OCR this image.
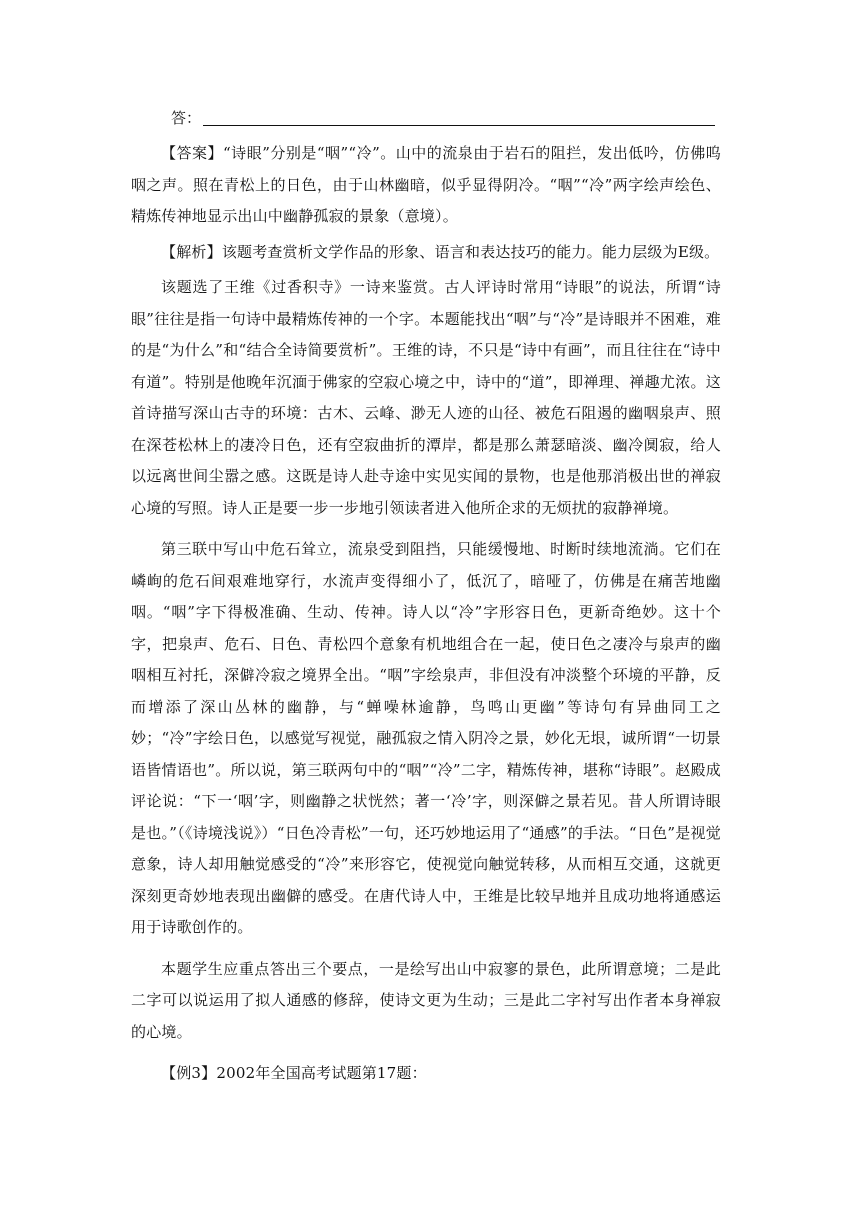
答：

【答案】“诗眼”分别是“咽”“冷”。山中的流泉由于岩石的阻拦，发出低吟，仿佛呜咽之声。照在青松上的日色，由于山林幽暗，似乎显得阴冷。“咽”“冷”两字绘声绘色、精炼传神地显示出山中幽静孤寂的景象（意境）。

【解析】该题考查赏析文学作品的形象、语言和表达技巧的能力。能力层级为E级。

该题选了王维《过香积寺》一诗来鉴赏。古人评诗时常用“诗眼”的说法，所谓“诗眼”往往是指一句诗中最精炼传神的一个字。本题能找出“咽”与“冷”是诗眼并不困难，难的是“为什么”和“结合全诗简要赏析”。王维的诗，不只是“诗中有画”，而且往往在“诗中有道”。特别是他晚年沉湎于佛家的空寂心境之中，诗中的“道”，即禅理、禅趣尤浓。这首诗描写深山古寺的环境：古木、云峰、渺无人迹的山径、被危石阻遏的幽咽泉声、照在深苍松林上的凄冷日色，还有空寂曲折的潭岸，都是那么萧瑟暗淡、幽冷阒寂，给人以远离世间尘嚣之感。这既是诗人赴寺途中实见实闻的景物，也是他那消极出世的禅寂心境的写照。诗人正是要一步一步地引领读者进入他所企求的无烦扰的寂静禅境。

第三联中写山中危石耸立，流泉受到阻挡，只能缓慢地、时断时续地流淌。它们在嶙峋的危石间艰难地穿行，水流声变得细小了，低沉了，暗哑了，仿佛是在痛苦地幽咽。“咽”字下得极准确、生动、传神。诗人以“冷”字形容日色，更新奇绝妙。这十个字，把泉声、危石、日色、青松四个意象有机地组合在一起，使日色之凄冷与泉声的幽咽相互衬托，深僻冷寂之境界全出。“咽”字绘泉声，非但没有冲淡整个环境的平静，反而增添了深山丛林的幽静，与“蝉噪林逾静，鸟鸣山更幽”等诗句有异曲同工之妙；“冷”字绘日色，以感觉写视觉，融孤寂之情入阴冷之景，妙化无垠，诚所谓“一切景语皆情语也”。所以说，第三联两句中的“咽”“冷”二字，精炼传神，堪称“诗眼”。赵殿成评论说：“下一‘咽’字，则幽静之状恍然；著一‘冷’字，则深僻之景若见。昔人所谓诗眼是也。”（《诗境浅说》）“日色冷青松”一句，还巧妙地运用了“通感”的手法。“日色”是视觉意象，诗人却用触觉感受的“冷”来形容它，使视觉向触觉转移，从而相互交通，这就更深刻更奇妙地表现出幽僻的感受。在唐代诗人中，王维是比较早地并且成功地将通感运用于诗歌创作的。

本题学生应重点答出三个要点，一是绘写出山中寂寥的景色，此所谓意境；二是此二字可以说运用了拟人通感的修辞，使诗文更为生动；三是此二字衬写出作者本身禅寂的心境。

【例3】2002年全国高考试题第17题：
